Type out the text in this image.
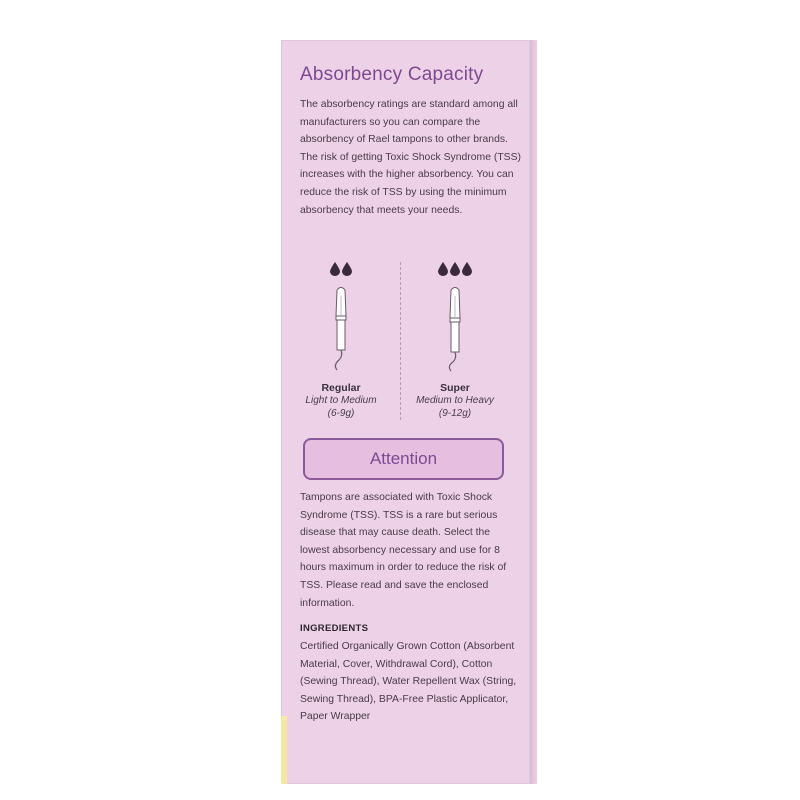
Absorbency Capacity

The absorbency ratings are standard among all manufacturers so you can compare the absorbency of Rael tampons to other brands. The risk of getting Toxic Shock Syndrome (TSS) increases with the higher absorbency. You can reduce the risk of TSS by using the minimum absorbency that meets your needs.

Regular
Light to Medium
(6-9g)
Super
Medium to Heavy
(9-12g)
Attention

Tampons are associated with Toxic Shock Syndrome (TSS). TSS is a rare but serious disease that may cause death. Select the lowest absorbency necessary and use for 8 hours maximum in order to reduce the risk of TSS. Please read and save the enclosed information.

INGREDIENTS

Certified Organically Grown Cotton (Absorbent Material, Cover, Withdrawal Cord), Cotton (Sewing Thread), Water Repellent Wax (String, Sewing Thread), BPA-Free Plastic Applicator, Paper Wrapper
